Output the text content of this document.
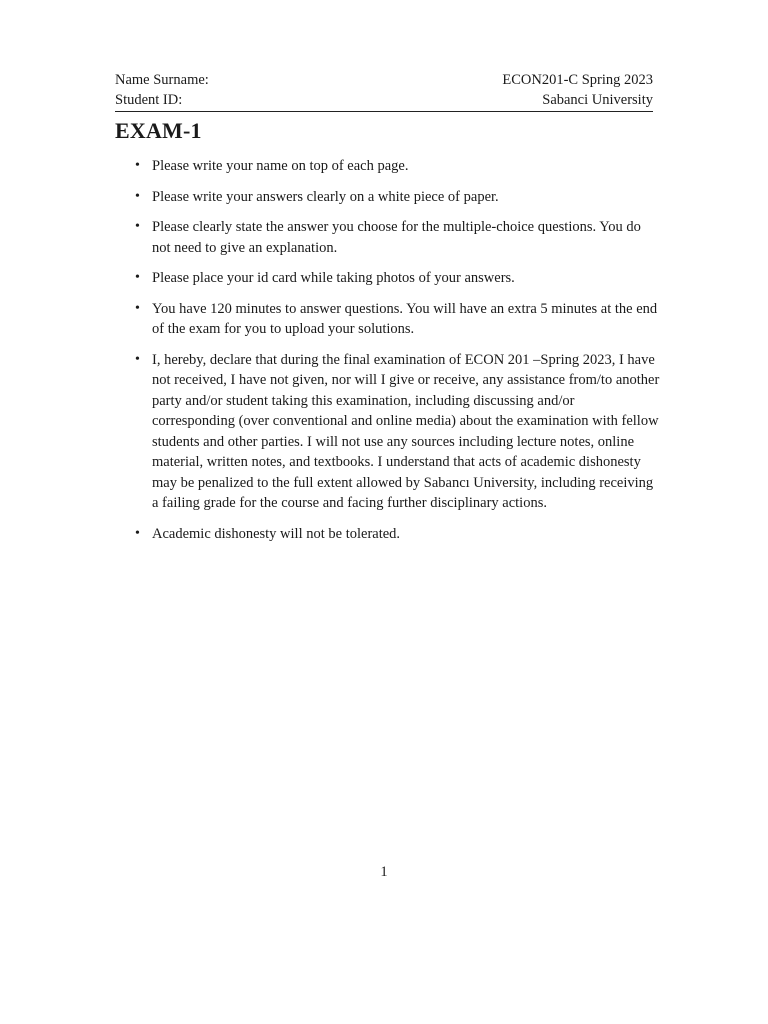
Name Surname:	ECON201-C Spring 2023
Student ID:	Sabanci University
EXAM-1
• Please write your name on top of each page.
• Please write your answers clearly on a white piece of paper.
• Please clearly state the answer you choose for the multiple-choice questions. You do not need to give an explanation.
• Please place your id card while taking photos of your answers.
• You have 120 minutes to answer questions. You will have an extra 5 minutes at the end of the exam for you to upload your solutions.
• I, hereby, declare that during the final examination of ECON 201 –Spring 2023, I have not received, I have not given, nor will I give or receive, any assistance from/to another party and/or student taking this examination, including discussing and/or corresponding (over conventional and online media) about the examination with fellow students and other parties. I will not use any sources including lecture notes, online material, written notes, and textbooks. I understand that acts of academic dishonesty may be penalized to the full extent allowed by Sabancı University, including receiving a failing grade for the course and facing further disciplinary actions.
• Academic dishonesty will not be tolerated.
1
